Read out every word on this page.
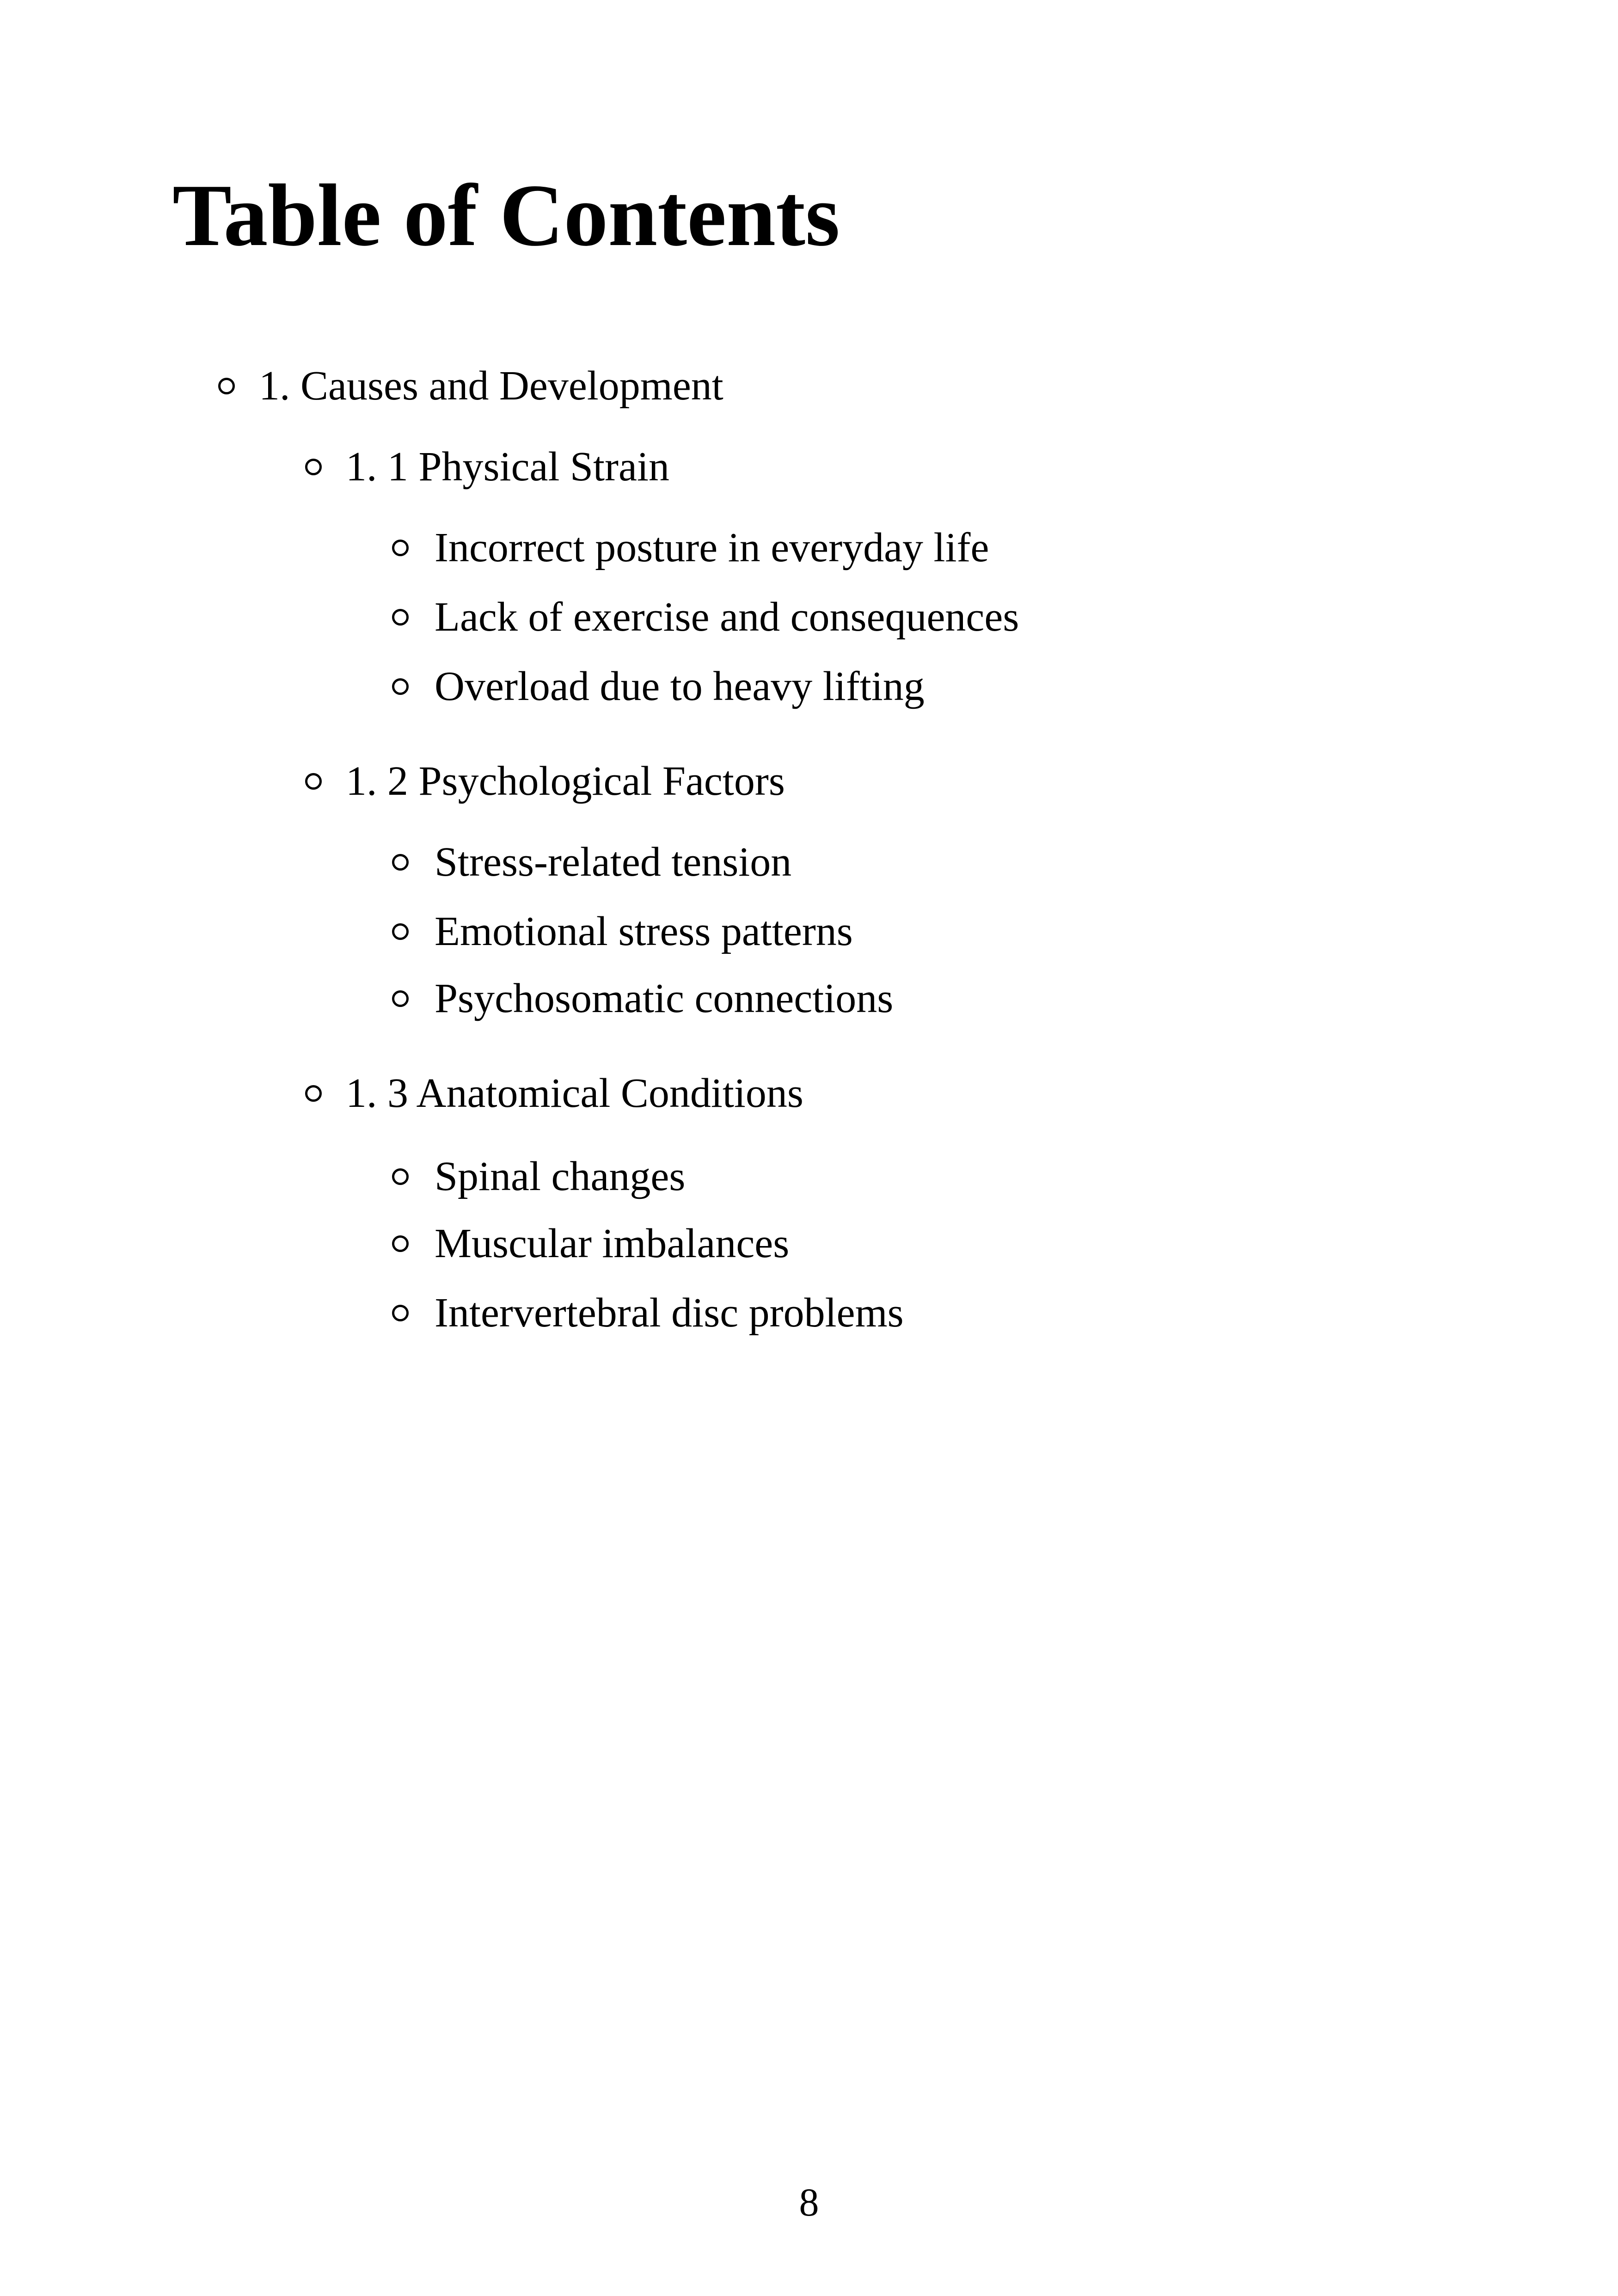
Table of Contents
1. Causes and Development
1. 1 Physical Strain
Incorrect posture in everyday life
Lack of exercise and consequences
Overload due to heavy lifting
1. 2 Psychological Factors
Stress-related tension
Emotional stress patterns
Psychosomatic connections
1. 3 Anatomical Conditions
Spinal changes
Muscular imbalances
Intervertebral disc problems
8
